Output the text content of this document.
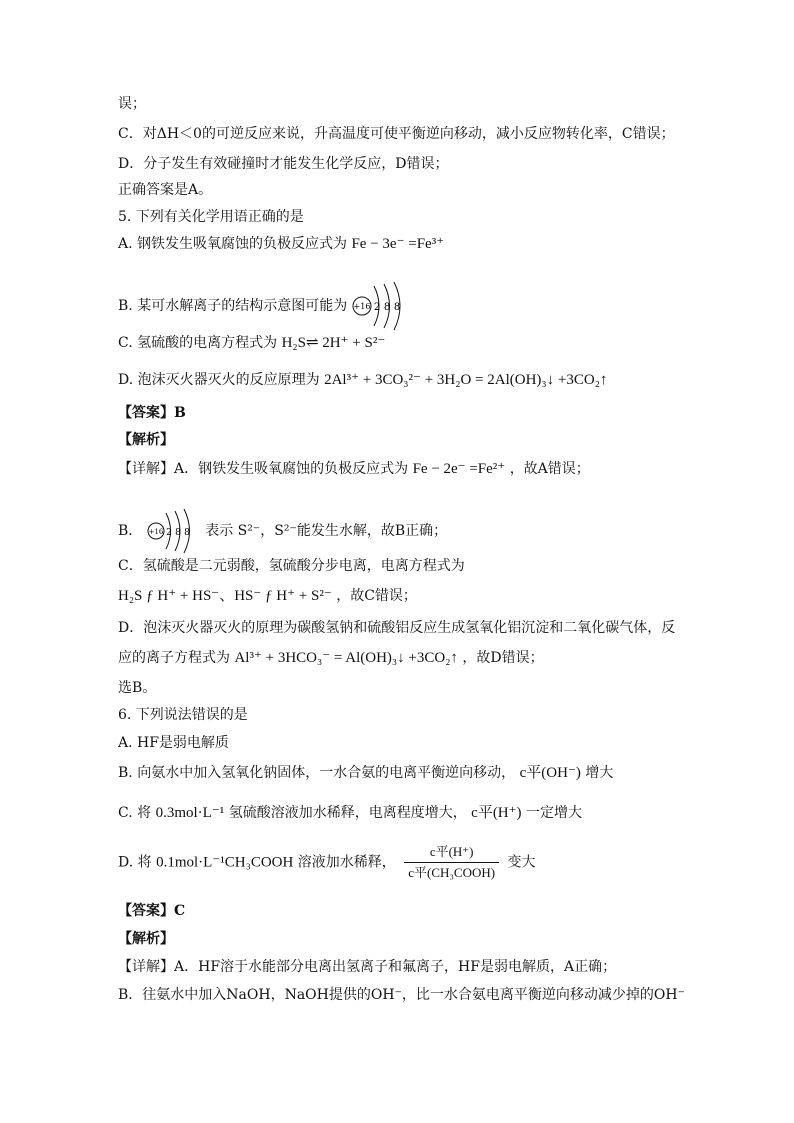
误；
C．对ΔH＜0的可逆反应来说，升高温度可使平衡逆向移动，减小反应物转化率，C错误；
D．分子发生有效碰撞时才能发生化学反应，D错误；
正确答案是A。
5. 下列有关化学用语正确的是
A. 钢铁发生吸氧腐蚀的负极反应式为 Fe − 3e⁻ =Fe³⁺
B. 某可水解离子的结构示意图可能为 +16 2 8 8
C. 氢硫酸的电离方程式为 H₂S⇌ 2H⁺ + S²⁻
D. 泡沫灭火器灭火的反应原理为 2Al³⁺ + 3CO₃²⁻ + 3H₂O = 2Al(OH)₃↓ +3CO₂↑
【答案】B
【解析】
【详解】A．钢铁发生吸氧腐蚀的负极反应式为 Fe − 2e⁻ =Fe²⁺ ，故A错误；
B． +16 2 8 8 表示 S²⁻，S²⁻能发生水解，故B正确；
C．氢硫酸是二元弱酸，氢硫酸分步电离，电离方程式为
H₂S ƒ H⁺ + HS⁻、HS⁻ ƒ H⁺ + S²⁻ ，故C错误；
D．泡沫灭火器灭火的原理为碳酸氢钠和硫酸铝反应生成氢氧化铝沉淀和二氧化碳气体，反
应的离子方程式为 Al³⁺ + 3HCO₃⁻ = Al(OH)₃↓ +3CO₂↑ ，故D错误；
选B。
6. 下列说法错误的是
A. HF是弱电解质
B. 向氨水中加入氢氧化钠固体，一水合氨的电离平衡逆向移动， c平(OH⁻) 增大
C. 将 0.3mol·L⁻¹ 氢硫酸溶液加水稀释，电离程度增大， c平(H⁺) 一定增大
D. 将 0.1mol·L⁻¹CH₃COOH 溶液加水稀释， $\frac{\text{c平(H⁺)}}{\text{c平(CH₃COOH)}}$ 变大
【答案】C
【解析】
【详解】A．HF溶于水能部分电离出氢离子和氟离子，HF是弱电解质，A正确；
B．往氨水中加入NaOH，NaOH提供的OH⁻，比一水合氨电离平衡逆向移动减少掉的OH⁻
